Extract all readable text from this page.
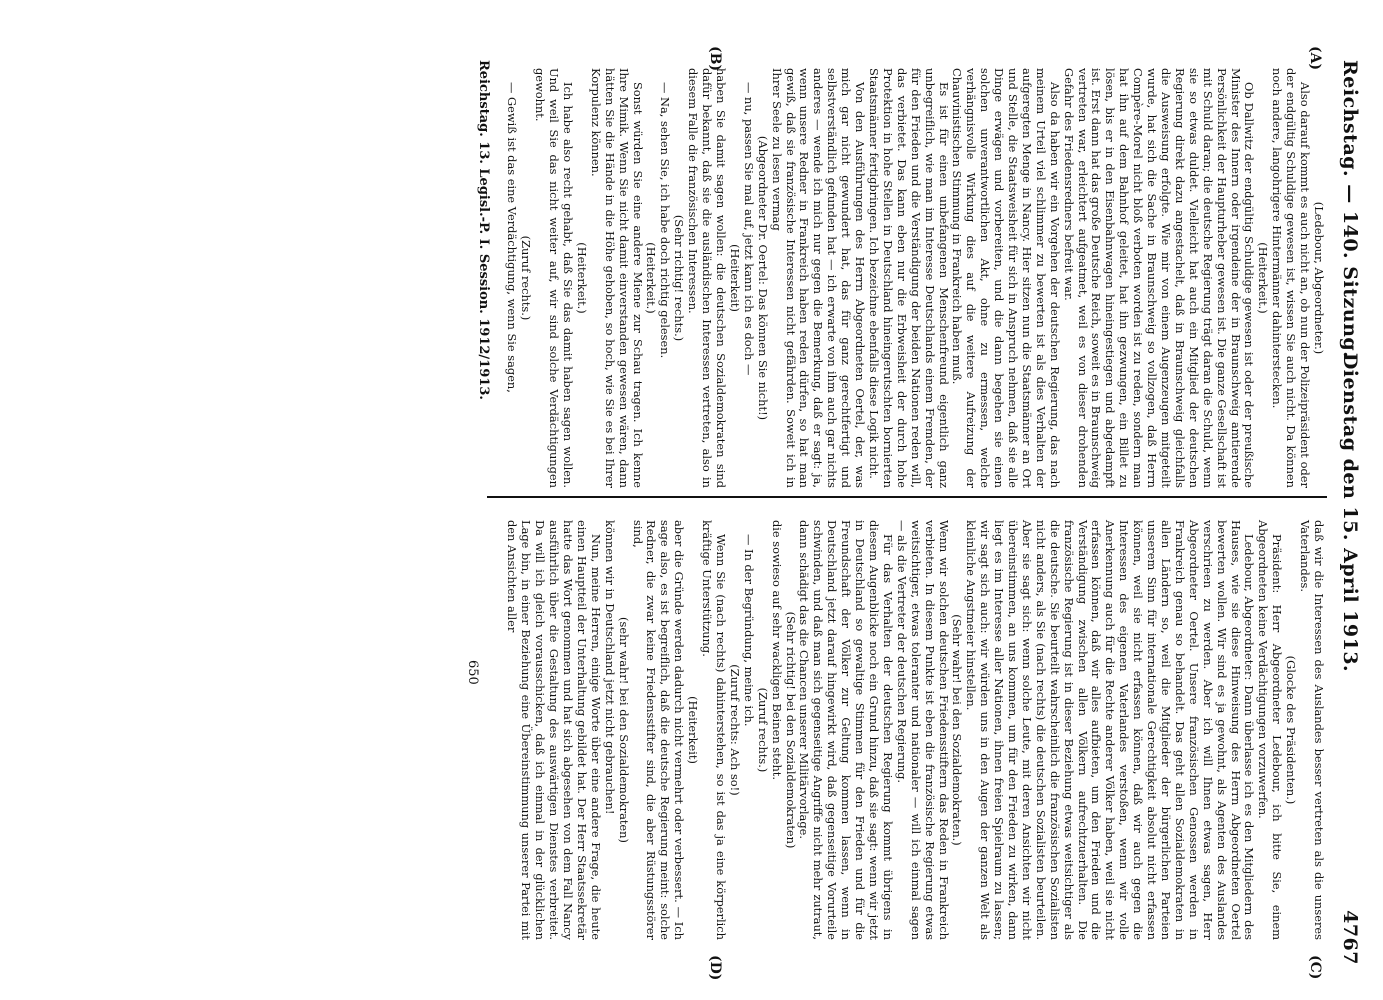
Reichstag. — 140. Sitzung.
Dienstag den 15. April 1913.
4767
(A)
(B)
(C)
(D)

(Ledebour, Abgeordneter.)

Also darauf kommt es auch nicht an, ob nun der Polizeipräsident oder der endgültig Schuldige gewesen ist, wissen Sie auch nicht. Da können noch andere, langohrigere Hintermänner dahinterstecken.

(Heiterkeit.)

Ob Dallwitz der endgültig Schuldige gewesen ist oder der preußische Minister des Innern oder irgendeine der in Braunschweig amtierende Persönlichkeit der Haupturheber gewesen ist. Die ganze Gesellschaft ist mit Schuld daran; die deutsche Regierung trägt daran die Schuld, wenn sie so etwas duldet. Vielleicht hat auch ein Mitglied der deutschen Regierung direkt dazu angestachelt, daß in Braunschweig gleichfalls die Ausweisung erfolgte. Wie mir von einem Augenzeugen mitgeteilt wurde, hat sich die Sache in Braunschweig so vollzogen, daß Herrn Compère-Morel nicht bloß verboten worden ist zu reden, sondern man hat ihn auf dem Bahnhof geleitet, hat ihn gezwungen, ein Billet zu lösen, bis er in den Eisenbahnwagen hineingestiegen und abgedampft ist. Erst dann hat das große Deutsche Reich, soweit es in Braunschweig vertreten war, erleichtert aufgeatmet, weil es von dieser drohenden Gefahr des Friedensredners befreit war.

Also da haben wir ein Vorgehen der deutschen Regierung, das nach meinem Urteil viel schlimmer zu bewerten ist als dies Verhalten der aufgeregten Menge in Nancy. Hier sitzen nun die Staatsmänner an Ort und Stelle, die Staatsweisheit für sich in Anspruch nehmen, daß sie alle Dinge erwägen und vorbereiten, und die dann begehen sie einen solchen unverantwortlichen Akt, ohne zu ermessen, welche verhängnisvolle Wirkung dies auf die weitere Aufreizung der Chauvinistischen Stimmung in Frankreich haben muß.

Es ist für einen unbefangenen Menschenfreund eigentlich ganz unbegreiflich, wie man im Interesse Deutschlands einem Fremden, der für den Frieden und die Verständigung der beiden Nationen reden will, das verbietet. Das kann eben nur die Erbweisheit der durch hohe Protektion in hohe Stellen in Deutschland hineingerutschten bornierten Staatsmänner fertigbringen. Ich bezeichne ebenfalls diese Logik nicht.

Von den Ausführungen des Herrn Abgeordneten Oertel, der, was mich gar nicht gewundert hat, das für ganz gerechtfertigt und selbstverständlich gefunden hat — ich erwarte von ihm auch gar nichts anderes — wende ich mich nur gegen die Bemerkung, daß er sagt: ja, wenn unsere Redner in Frankreich haben reden dürfen, so hat man gewiß, daß sie französische Interessen nicht gefährden. Soweit ich in Ihrer Seele zu lesen vermag

(Abgeordneter Dr. Oertel: Das können Sie nicht!)

— nu, passen Sie mal auf, jetzt kann ich es doch —

(Heiterkeit)

haben Sie damit sagen wollen: die deutschen Sozialdemokraten sind dafür bekannt, daß sie die ausländischen Interessen vertreten, also in diesem Falle die französischen Interessen.

(Sehr richtig! rechts.)

— Na, sehen Sie, ich habe doch richtig gelesen.

(Heiterkeit.)

Sonst würden Sie eine andere Miene zur Schau tragen. Ich kenne Ihre Mimik. Wenn Sie nicht damit einverstanden gewesen wären, dann hätten Sie die Hände in die Höhe gehoben, so hoch, wie Sie es bei Ihrer Korpulenz können.

(Heiterkeit.)

Ich habe also recht gehabt, daß Sie das damit haben sagen wollen. Und weil Sie das nicht weiter auf, wir sind solche Verdächtigungen gewohnt.

(Zuruf rechts.)

— Gewiß ist das eine Verdächtigung, wenn Sie sagen,

daß wir die Interessen des Auslandes besser vertreten als die unseres Vaterlandes.

(Glocke des Präsidenten.)

Präsident: Herr Abgeordneter Ledebour, ich bitte Sie, einem Abgeordneten keine Verdächtigungen vorzuwerfen.

Ledebour, Abgeordneter: Dann überlasse ich es den Mitgliedern des Hauses, wie sie diese Hinweisung des Herrn Abgeordneten Oertel bewerten wollen. Wir sind es ja gewohnt, als Agenten des Auslandes verschrieen zu werden. Aber ich will Ihnen etwas sagen, Herr Abgeordneter Oertel. Unsere französischen Genossen werden in Frankreich genau so behandelt. Das geht allen Sozialdemokraten in allen Ländern so, weil die Mitglieder der bürgerlichen Parteien unserem Sinn für internationale Gerechtigkeit absolut nicht erfassen können, weil sie nicht erfassen können, daß wir auch gegen die Interessen des eigenen Vaterlandes verstoßen, wenn wir volle Anerkennung auch für die Rechte anderer Völker haben, weil sie nicht erfassen können, daß wir alles aufbieten, um den Frieden und die Verständigung zwischen allen Völkern aufrechtzuerhalten. Die französische Regierung ist in dieser Beziehung etwas weitsichtiger als die deutsche. Sie beurteilt wahrscheinlich die französischen Sozialisten nicht anders, als Sie (nach rechts) die deutschen Sozialisten beurteilen. Aber sie sagt sich: wenn solche Leute, mit deren Ansichten wir nicht übereinstimmen, an uns kommen, um für den Frieden zu wirken, dann liegt es im Interesse aller Nationen, ihnen freien Spielraum zu lassen; wir sagt sich auch: wir würden uns in den Augen der ganzen Welt als kleinliche Angstmeier hinstellen.

(Sehr wahr! bei den Sozialdemokraten.)

Wenn wir solchen deutschen Friedensstiftern das Reden in Frankreich verbieten. In diesem Punkte ist eben die französische Regierung etwas weitsichtiger, etwas toleranter und nationaler — will ich einmal sagen — als die Vertreter der deutschen Regierung.

Für das Verhalten der deutschen Regierung kommt übrigens in diesem Augenblicke noch ein Grund hinzu, daß sie sagt: wenn wir jetzt in Deutschland so gewaltige Stimmen für den Frieden und für die Freundschaft der Völker zur Geltung kommen lassen, wenn in Deutschland jetzt darauf hingewirkt wird, daß gegenseitige Vorurteile schwinden, und daß man sich gegenseitige Angriffe nicht mehr zutraut, dann schädigt das die Chancen unserer Militärvorlage.

(Sehr richtig! bei den Sozialdemokraten)

die sowieso auf sehr wackligen Beinen steht.

(Zuruf rechts.)

— In der Begründung, meine ich.

(Zuruf rechts: Ach so!)

Wenn Sie (nach rechts) dahinterstehen, so ist das ja eine körperlich kräftige Unterstützung.

(Heiterkeit)

aber die Gründe werden dadurch nicht vermehrt oder verbessert. — Ich sage also, es ist begreiflich, daß die deutsche Regierung meint: solche Redner, die zwar keine Friedensstifter sind, die aber Rüstungsstörer sind,

(sehr wahr! bei den Sozialdemokraten)

können wir in Deutschland jetzt nicht gebrauchen!

Nun, meine Herren, einige Worte über eine andere Frage, die heute einen Hauptteil der Unterhaltung gebildet hat. Der Herr Staatssekretär hatte das Wort genommen und hat sich abgesehen von dem Fall Nancy ausführlich über die Gestaltung des auswärtigen Dienstes verbreitet. Da will ich gleich vorausschicken, daß ich einmal in der glücklichen Lage bin, in einer Beziehung eine Übereinstimmung unserer Partei mit den Ansichten aller

Reichstag. 13. Legisl.-P. I. Session. 1912/1913.
650
